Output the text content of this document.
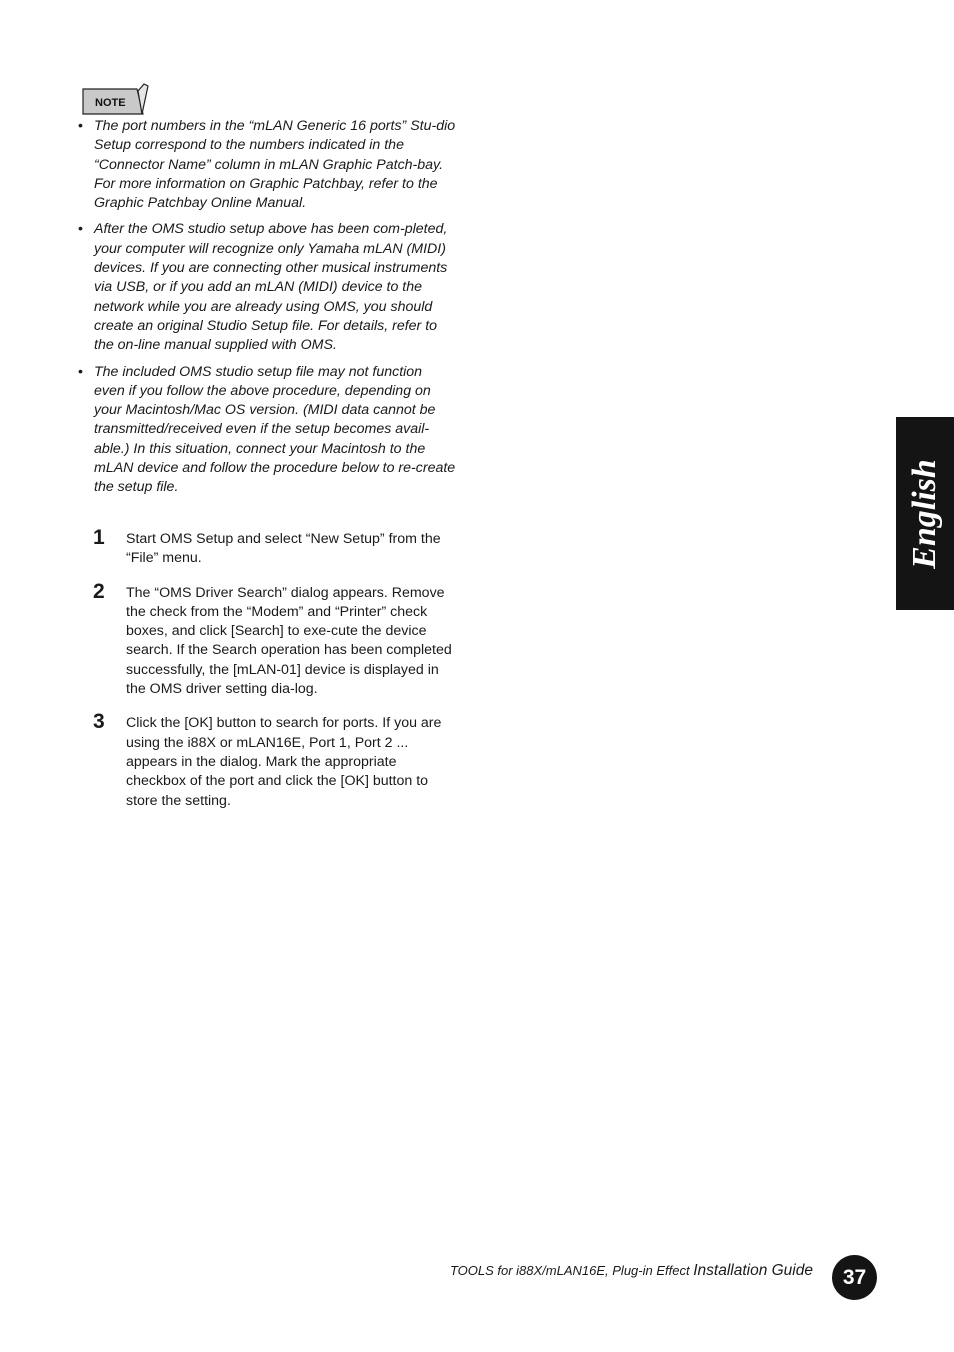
NOTE
• The port numbers in the “mLAN Generic 16 ports” Stu-dio Setup correspond to the numbers indicated in the “Connector Name” column in mLAN Graphic Patch-bay. For more information on Graphic Patchbay, refer to the Graphic Patchbay Online Manual.
• After the OMS studio setup above has been com-pleted, your computer will recognize only Yamaha mLAN (MIDI) devices. If you are connecting other musical instruments via USB, or if you add an mLAN (MIDI) device to the network while you are already using OMS, you should create an original Studio Setup file. For details, refer to the on-line manual supplied with OMS.
• The included OMS studio setup file may not function even if you follow the above procedure, depending on your Macintosh/Mac OS version. (MIDI data cannot be transmitted/received even if the setup becomes avail-able.) In this situation, connect your Macintosh to the mLAN device and follow the procedure below to re-create the setup file.
1 Start OMS Setup and select “New Setup” from the “File” menu.
2 The “OMS Driver Search” dialog appears. Remove the check from the “Modem” and “Printer” check boxes, and click [Search] to exe-cute the device search. If the Search operation has been completed successfully, the [mLAN-01] device is displayed in the OMS driver setting dia-log.
3 Click the [OK] button to search for ports. If you are using the i88X or mLAN16E, Port 1, Port 2 ... appears in the dialog. Mark the appropriate checkbox of the port and click the [OK] button to store the setting.
English
TOOLS for i88X/mLAN16E, Plug-in Effect Installation Guide	37
